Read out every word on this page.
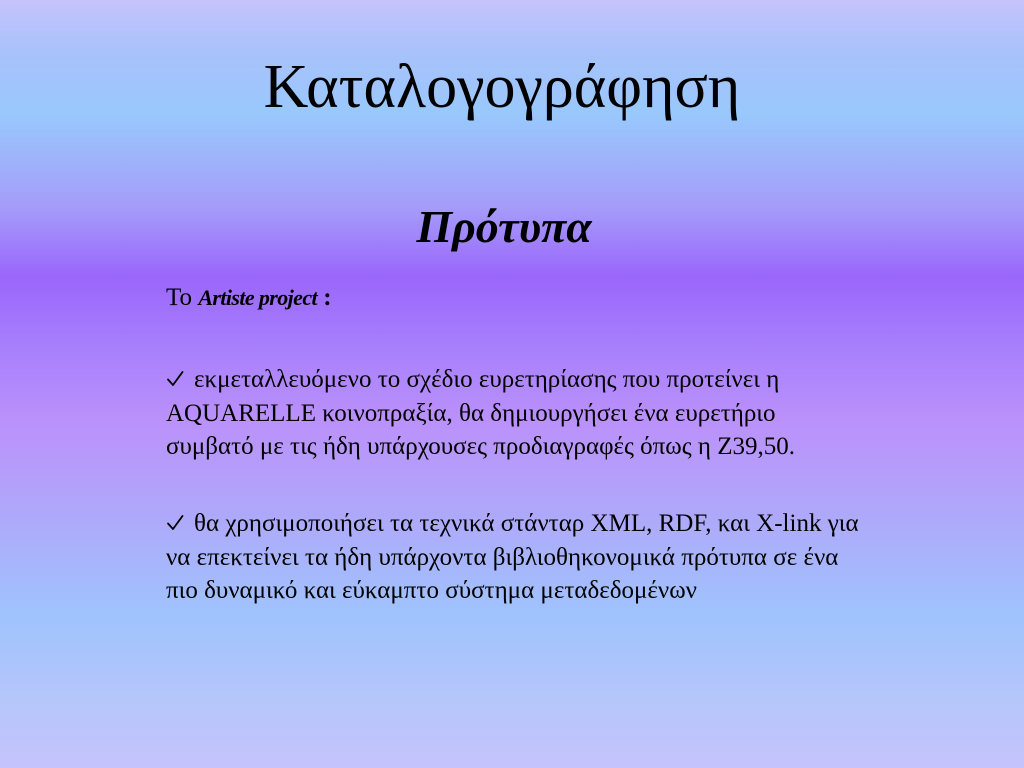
Καταλογογράφηση
Πρότυπα
Το Artiste project :

εκμεταλλευόμενο το σχέδιο ευρετηρίασης που προτείνει η AQUARELLE κοινοπραξία, θα δημιουργήσει ένα ευρετήριο συμβατό με τις ήδη υπάρχουσες προδιαγραφές όπως η Z39,50.

θα χρησιμοποιήσει τα τεχνικά στάνταρ XML, RDF, και X-link για να επεκτείνει τα ήδη υπάρχοντα βιβλιοθηκονομικά πρότυπα σε ένα πιο δυναμικό και εύκαμπτο σύστημα μεταδεδομένων
